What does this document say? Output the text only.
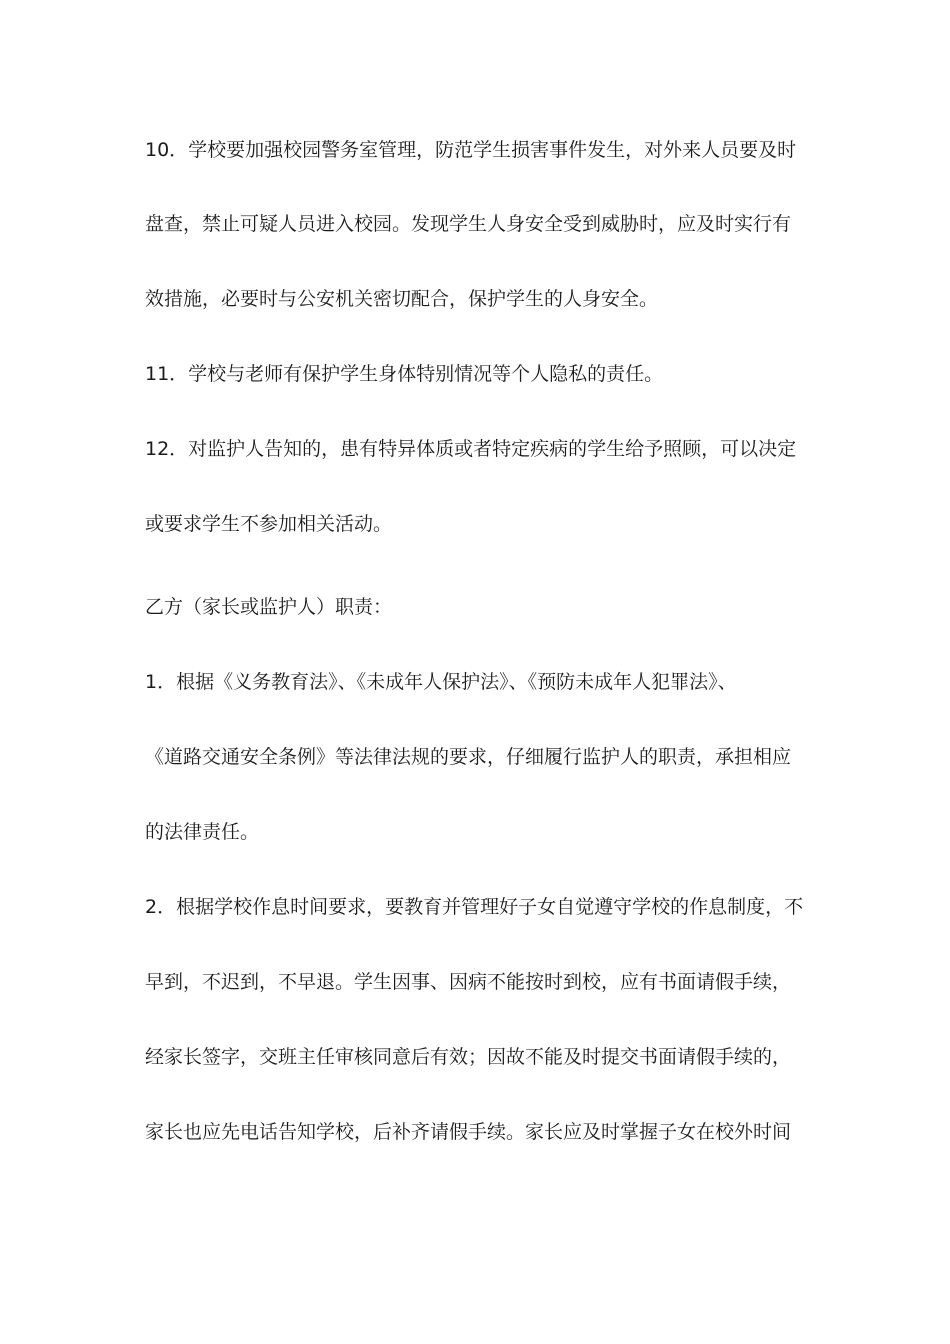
10．学校要加强校园警务室管理，防范学生损害事件发生，对外来人员要及时
盘查，禁止可疑人员进入校园。发现学生人身安全受到威胁时，应及时实行有
效措施，必要时与公安机关密切配合，保护学生的人身安全。
11．学校与老师有保护学生身体特别情况等个人隐私的责任。
12．对监护人告知的，患有特异体质或者特定疾病的学生给予照顾，可以决定
或要求学生不参加相关活动。
乙方（家长或监护人）职责：
1．根据《义务教育法》、《未成年人保护法》、《预防未成年人犯罪法》、
《道路交通安全条例》等法律法规的要求，仔细履行监护人的职责，承担相应
的法律责任。
2．根据学校作息时间要求，要教育并管理好子女自觉遵守学校的作息制度，不
早到，不迟到，不早退。学生因事、因病不能按时到校，应有书面请假手续，
经家长签字，交班主任审核同意后有效；因故不能及时提交书面请假手续的，
家长也应先电话告知学校，后补齐请假手续。家长应及时掌握子女在校外时间
